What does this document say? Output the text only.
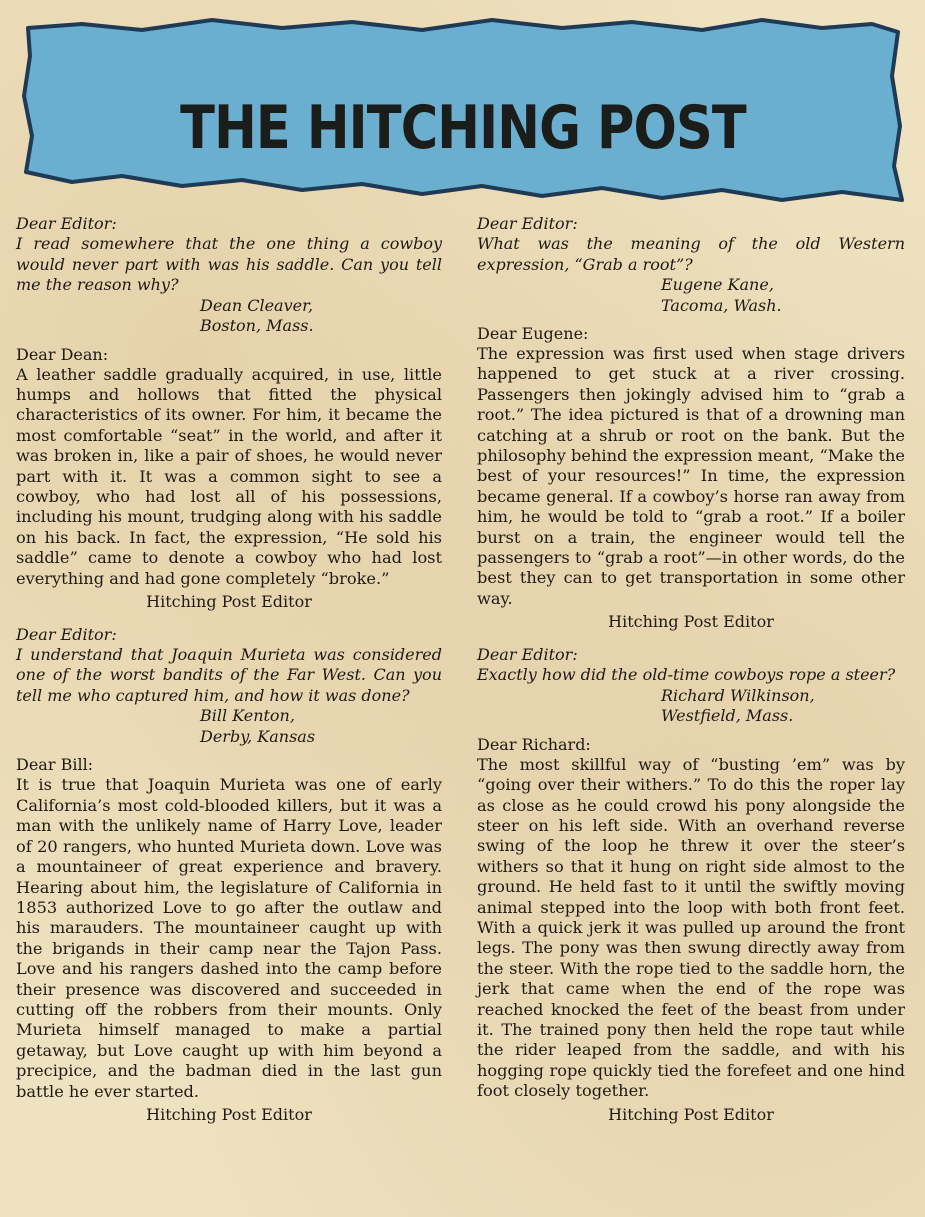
THE HITCHING POST
Dear Editor:
I read somewhere that the one thing a cowboy would never part with was his saddle. Can you tell me the reason why?
Dean Cleaver,
Boston, Mass.
Dear Dean:

A leather saddle gradually acquired, in use, little humps and hollows that fitted the physical characteristics of its owner. For him, it became the most comfortable “seat” in the world, and after it was broken in, like a pair of shoes, he would never part with it. It was a common sight to see a cowboy, who had lost all of his possessions, including his mount, trudging along with his saddle on his back. In fact, the expression, “He sold his saddle” came to denote a cowboy who had lost everything and had gone completely “broke.”

Hitching Post Editor
Dear Editor:
I understand that Joaquin Murieta was considered one of the worst bandits of the Far West. Can you tell me who captured him, and how it was done?
Bill Kenton,
Derby, Kansas
Dear Bill:

It is true that Joaquin Murieta was one of early California’s most cold-blooded killers, but it was a man with the unlikely name of Harry Love, leader of 20 rangers, who hunted Murieta down. Love was a mountaineer of great experience and bravery. Hearing about him, the legislature of California in 1853 authorized Love to go after the outlaw and his marauders. The mountaineer caught up with the brigands in their camp near the Tajon Pass. Love and his rangers dashed into the camp before their presence was discovered and succeeded in cutting off the robbers from their mounts. Only Murieta himself managed to make a partial getaway, but Love caught up with him beyond a precipice, and the badman died in the last gun battle he ever started.

Hitching Post Editor
Dear Editor:
What was the meaning of the old Western expression, “Grab a root”?
Eugene Kane,
Tacoma, Wash.
Dear Eugene:

The expression was first used when stage drivers happened to get stuck at a river crossing. Passengers then jokingly advised him to “grab a root.” The idea pictured is that of a drowning man catching at a shrub or root on the bank. But the philosophy behind the expression meant, “Make the best of your resources!” In time, the expression became general. If a cowboy’s horse ran away from him, he would be told to “grab a root.” If a boiler burst on a train, the engineer would tell the passengers to “grab a root”—in other words, do the best they can to get transportation in some other way.

Hitching Post Editor
Dear Editor:
Exactly how did the old-time cowboys rope a steer?
Richard Wilkinson,
Westfield, Mass.
Dear Richard:

The most skillful way of “busting ’em” was by “going over their withers.” To do this the roper lay as close as he could crowd his pony alongside the steer on his left side. With an overhand reverse swing of the loop he threw it over the steer’s withers so that it hung on right side almost to the ground. He held fast to it until the swiftly moving animal stepped into the loop with both front feet. With a quick jerk it was pulled up around the front legs. The pony was then swung directly away from the steer. With the rope tied to the saddle horn, the jerk that came when the end of the rope was reached knocked the feet of the beast from under it. The trained pony then held the rope taut while the rider leaped from the saddle, and with his hogging rope quickly tied the forefeet and one hind foot closely together.

Hitching Post Editor
